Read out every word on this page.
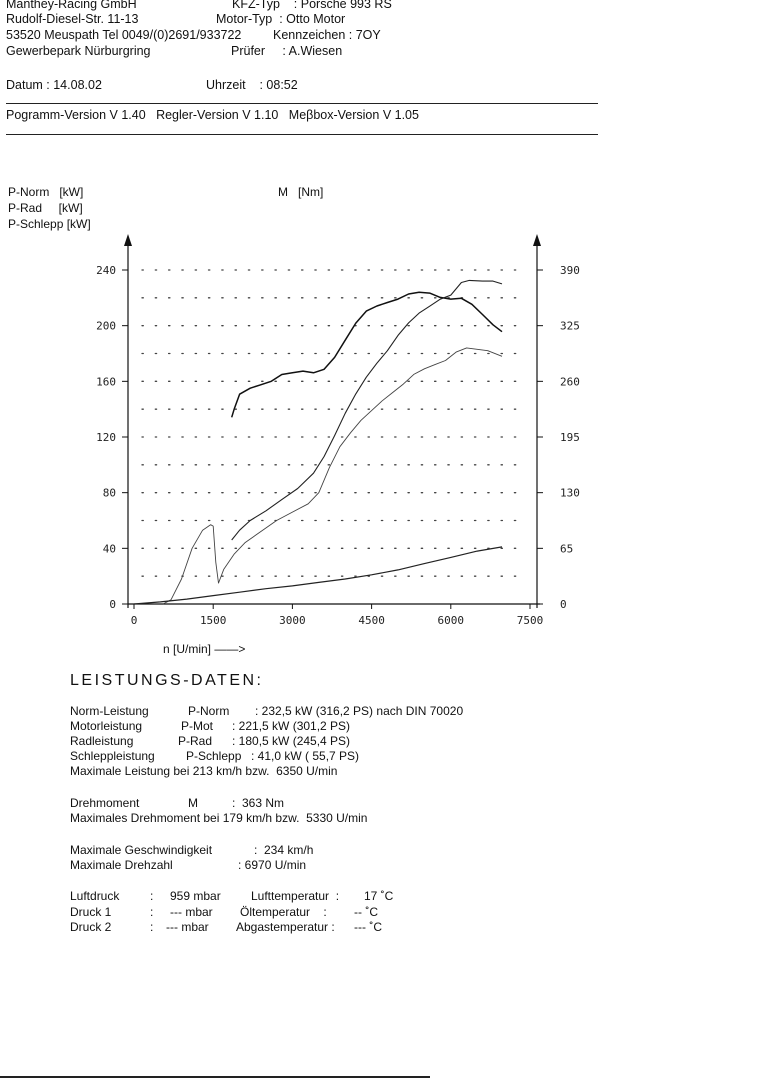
Manthey-Racing GmbH
Rudolf-Diesel-Str. 11-13
53520 Meuspath Tel 0049/(0)2691/933722
Gewerbepark Nürburgring
KFZ-Typ    : Porsche 993 RS
Motor-Typ  : Otto Motor
Kennzeichen : 7OY
Prüfer     : A.Wiesen
Datum : 14.08.02	Uhrzeit    : 08:52
Pogramm-Version V 1.40   Regler-Version V 1.10   Meβbox-Version V 1.05
P-Norm   [kW]
P-Rad     [kW]
P-Schlepp [kW]
M   [Nm]
0	1500	3000	4500	6000	7500
0
40
80
120
160
200
240
0
65
130
195
260
325
390
n [U/min] ——>
LEISTUNGS-DATEN:
Norm-Leistung	P-Norm : 232,5 kW (316,2 PS) nach DIN 70020
Motorleistung	P-Mot : 221,5 kW (301,2 PS)
Radleistung	P-Rad : 180,5 kW (245,4 PS)
Schleppleistung	P-Schlepp : 41,0 kW ( 55,7 PS)
Maximale Leistung bei 213 km/h bzw.  6350 U/min
Drehmoment	M	:  363 Nm
Maximales Drehmoment bei 179 km/h bzw.  5330 U/min
Maximale Geschwindigkeit	:  234 km/h
Maximale Drehzahl	: 6970 U/min
Luftdruck	: 959 mbar	Lufttemperatur  : 17 ˚C
Druck 1	: --- mbar Öltemperatur    : -- ˚C
Druck 2	: --- mbar Abgastemperatur : --- ˚C
